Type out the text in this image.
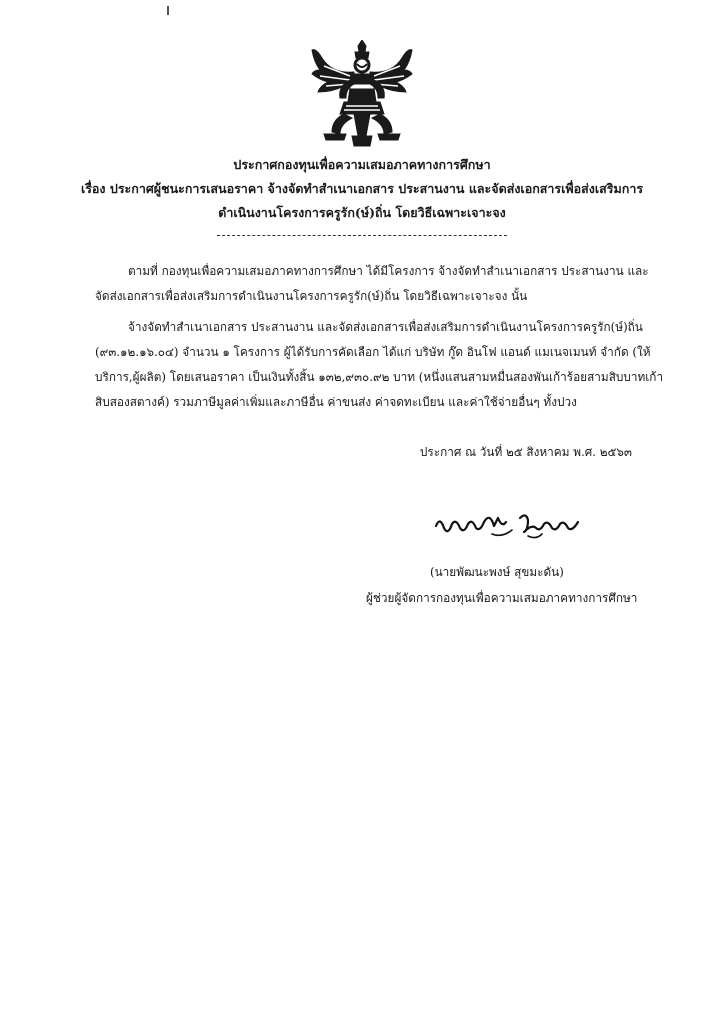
ประกาศกองทุนเพื่อความเสมอภาคทางการศึกษา
เรื่อง ประกาศผู้ชนะการเสนอราคา จ้างจัดทำสำเนาเอกสาร ประสานงาน และจัดส่งเอกสารเพื่อส่งเสริมการ
ดำเนินงานโครงการครูรัก(ษ์)ถิ่น โดยวิธีเฉพาะเจาะจง
ตามที่ กองทุนเพื่อความเสมอภาคทางการศึกษา ได้มีโครงการ จ้างจัดทำสำเนาเอกสาร ประสานงาน และ
จัดส่งเอกสารเพื่อส่งเสริมการดำเนินงานโครงการครูรัก(ษ์)ถิ่น โดยวิธีเฉพาะเจาะจง นั้น
จ้างจัดทำสำเนาเอกสาร ประสานงาน และจัดส่งเอกสารเพื่อส่งเสริมการดำเนินงานโครงการครูรัก(ษ์)ถิ่น
(๙๓.๑๒.๑๖.๐๔) จำนวน ๑ โครงการ ผู้ได้รับการคัดเลือก ได้แก่ บริษัท กู๊ด อินโฟ แอนด์ แมเนจเมนท์ จำกัด (ให้
บริการ,ผู้ผลิต) โดยเสนอราคา เป็นเงินทั้งสิ้น ๑๓๒,๙๓๐.๙๒ บาท (หนึ่งแสนสามหมื่นสองพันเก้าร้อยสามสิบบาทเก้า
สิบสองสตางค์) รวมภาษีมูลค่าเพิ่มและภาษีอื่น ค่าขนส่ง ค่าจดทะเบียน และค่าใช้จ่ายอื่นๆ ทั้งปวง
ประกาศ ณ วันที่ ๒๕ สิงหาคม พ.ศ. ๒๕๖๓
(นายพัฒนะพงษ์ สุขมะดัน)
ผู้ช่วยผู้จัดการกองทุนเพื่อความเสมอภาคทางการศึกษา
